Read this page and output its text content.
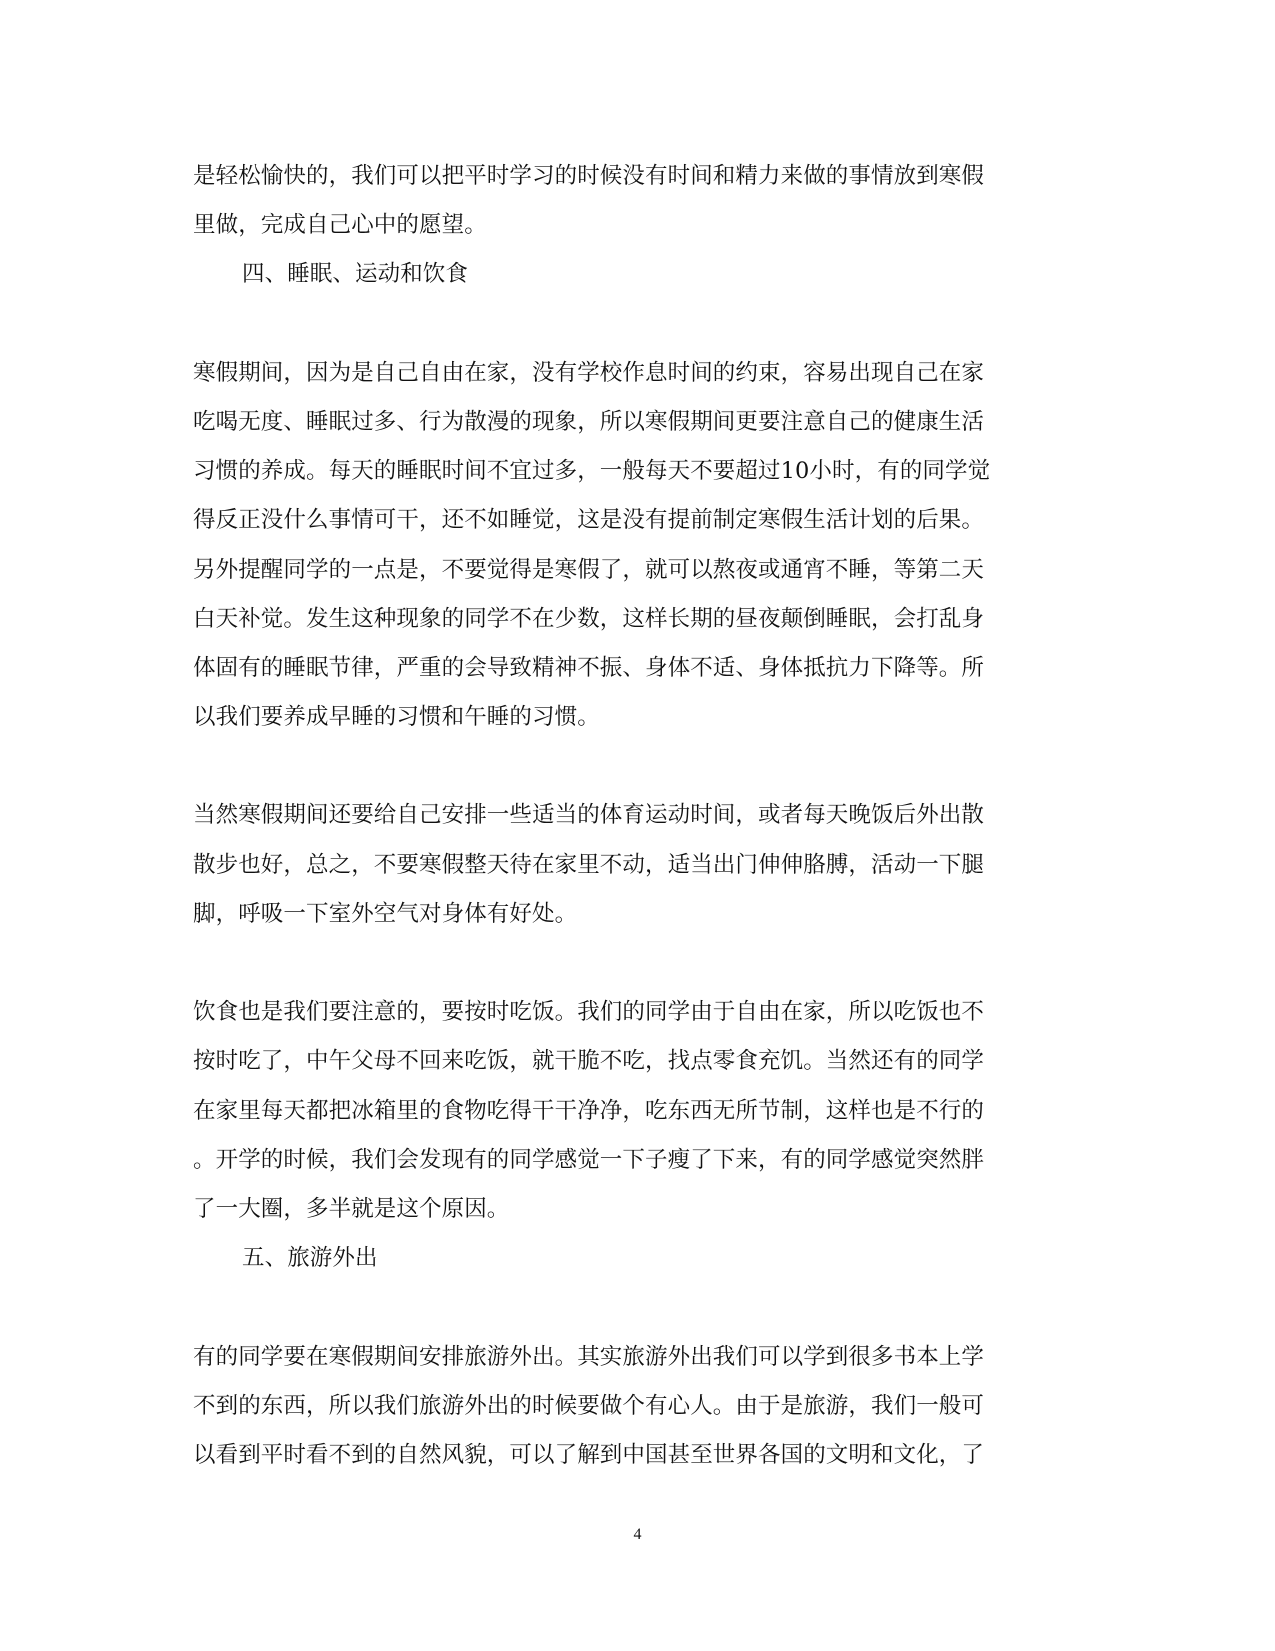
是轻松愉快的，我们可以把平时学习的时候没有时间和精力来做的事情放到寒假
里做，完成自己心中的愿望。
四、睡眠、运动和饮食
寒假期间，因为是自己自由在家，没有学校作息时间的约束，容易出现自己在家
吃喝无度、睡眠过多、行为散漫的现象，所以寒假期间更要注意自己的健康生活
习惯的养成。每天的睡眠时间不宜过多，一般每天不要超过10小时，有的同学觉
得反正没什么事情可干，还不如睡觉，这是没有提前制定寒假生活计划的后果。
另外提醒同学的一点是，不要觉得是寒假了，就可以熬夜或通宵不睡，等第二天
白天补觉。发生这种现象的同学不在少数，这样长期的昼夜颠倒睡眠，会打乱身
体固有的睡眠节律，严重的会导致精神不振、身体不适、身体抵抗力下降等。所
以我们要养成早睡的习惯和午睡的习惯。
当然寒假期间还要给自己安排一些适当的体育运动时间，或者每天晚饭后外出散
散步也好，总之，不要寒假整天待在家里不动，适当出门伸伸胳膊，活动一下腿
脚，呼吸一下室外空气对身体有好处。
饮食也是我们要注意的，要按时吃饭。我们的同学由于自由在家，所以吃饭也不
按时吃了，中午父母不回来吃饭，就干脆不吃，找点零食充饥。当然还有的同学
在家里每天都把冰箱里的食物吃得干干净净，吃东西无所节制，这样也是不行的
。开学的时候，我们会发现有的同学感觉一下子瘦了下来，有的同学感觉突然胖
了一大圈，多半就是这个原因。
五、旅游外出
有的同学要在寒假期间安排旅游外出。其实旅游外出我们可以学到很多书本上学
不到的东西，所以我们旅游外出的时候要做个有心人。由于是旅游，我们一般可
以看到平时看不到的自然风貌，可以了解到中国甚至世界各国的文明和文化，了
4
